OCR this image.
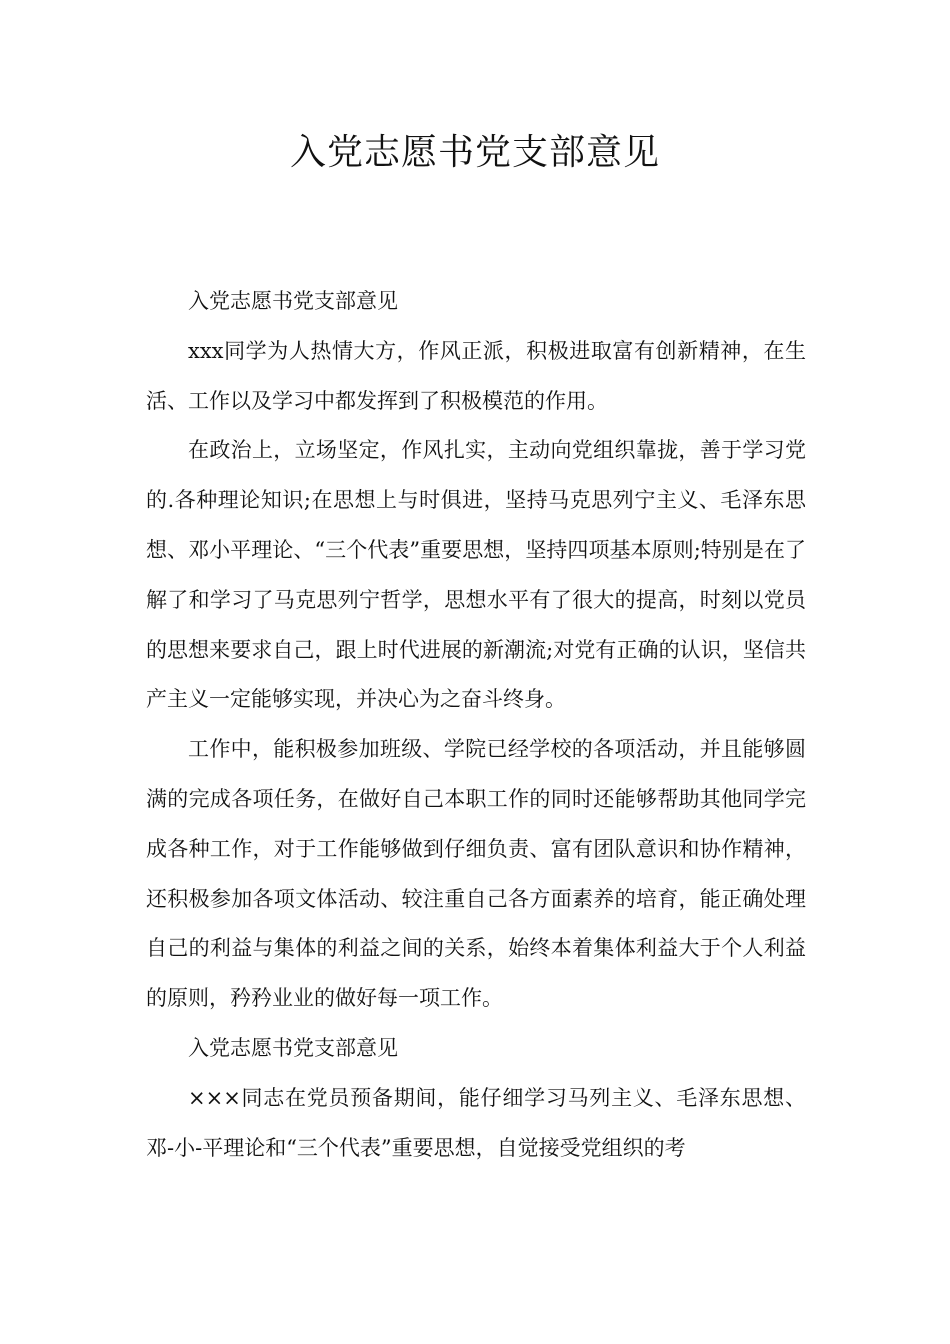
入党志愿书党支部意见

入党志愿书党支部意见

xxx同学为人热情大方，作风正派，积极进取富有创新精神，在生活、工作以及学习中都发挥到了积极模范的作用。

在政治上，立场坚定，作风扎实，主动向党组织靠拢，善于学习党的.各种理论知识;在思想上与时俱进，坚持马克思列宁主义、毛泽东思想、邓小平理论、“三个代表”重要思想，坚持四项基本原则;特别是在了解了和学习了马克思列宁哲学，思想水平有了很大的提高，时刻以党员的思想来要求自己，跟上时代进展的新潮流;对党有正确的认识，坚信共产主义一定能够实现，并决心为之奋斗终身。

工作中，能积极参加班级、学院已经学校的各项活动，并且能够圆满的完成各项任务，在做好自己本职工作的同时还能够帮助其他同学完成各种工作，对于工作能够做到仔细负责、富有团队意识和协作精神，还积极参加各项文体活动、较注重自己各方面素养的培育，能正确处理自己的利益与集体的利益之间的关系，始终本着集体利益大于个人利益的原则，矜矜业业的做好每一项工作。

入党志愿书党支部意见

×××同志在党员预备期间，能仔细学习马列主义、毛泽东思想、邓-小-平理论和“三个代表”重要思想，自觉接受党组织的考
